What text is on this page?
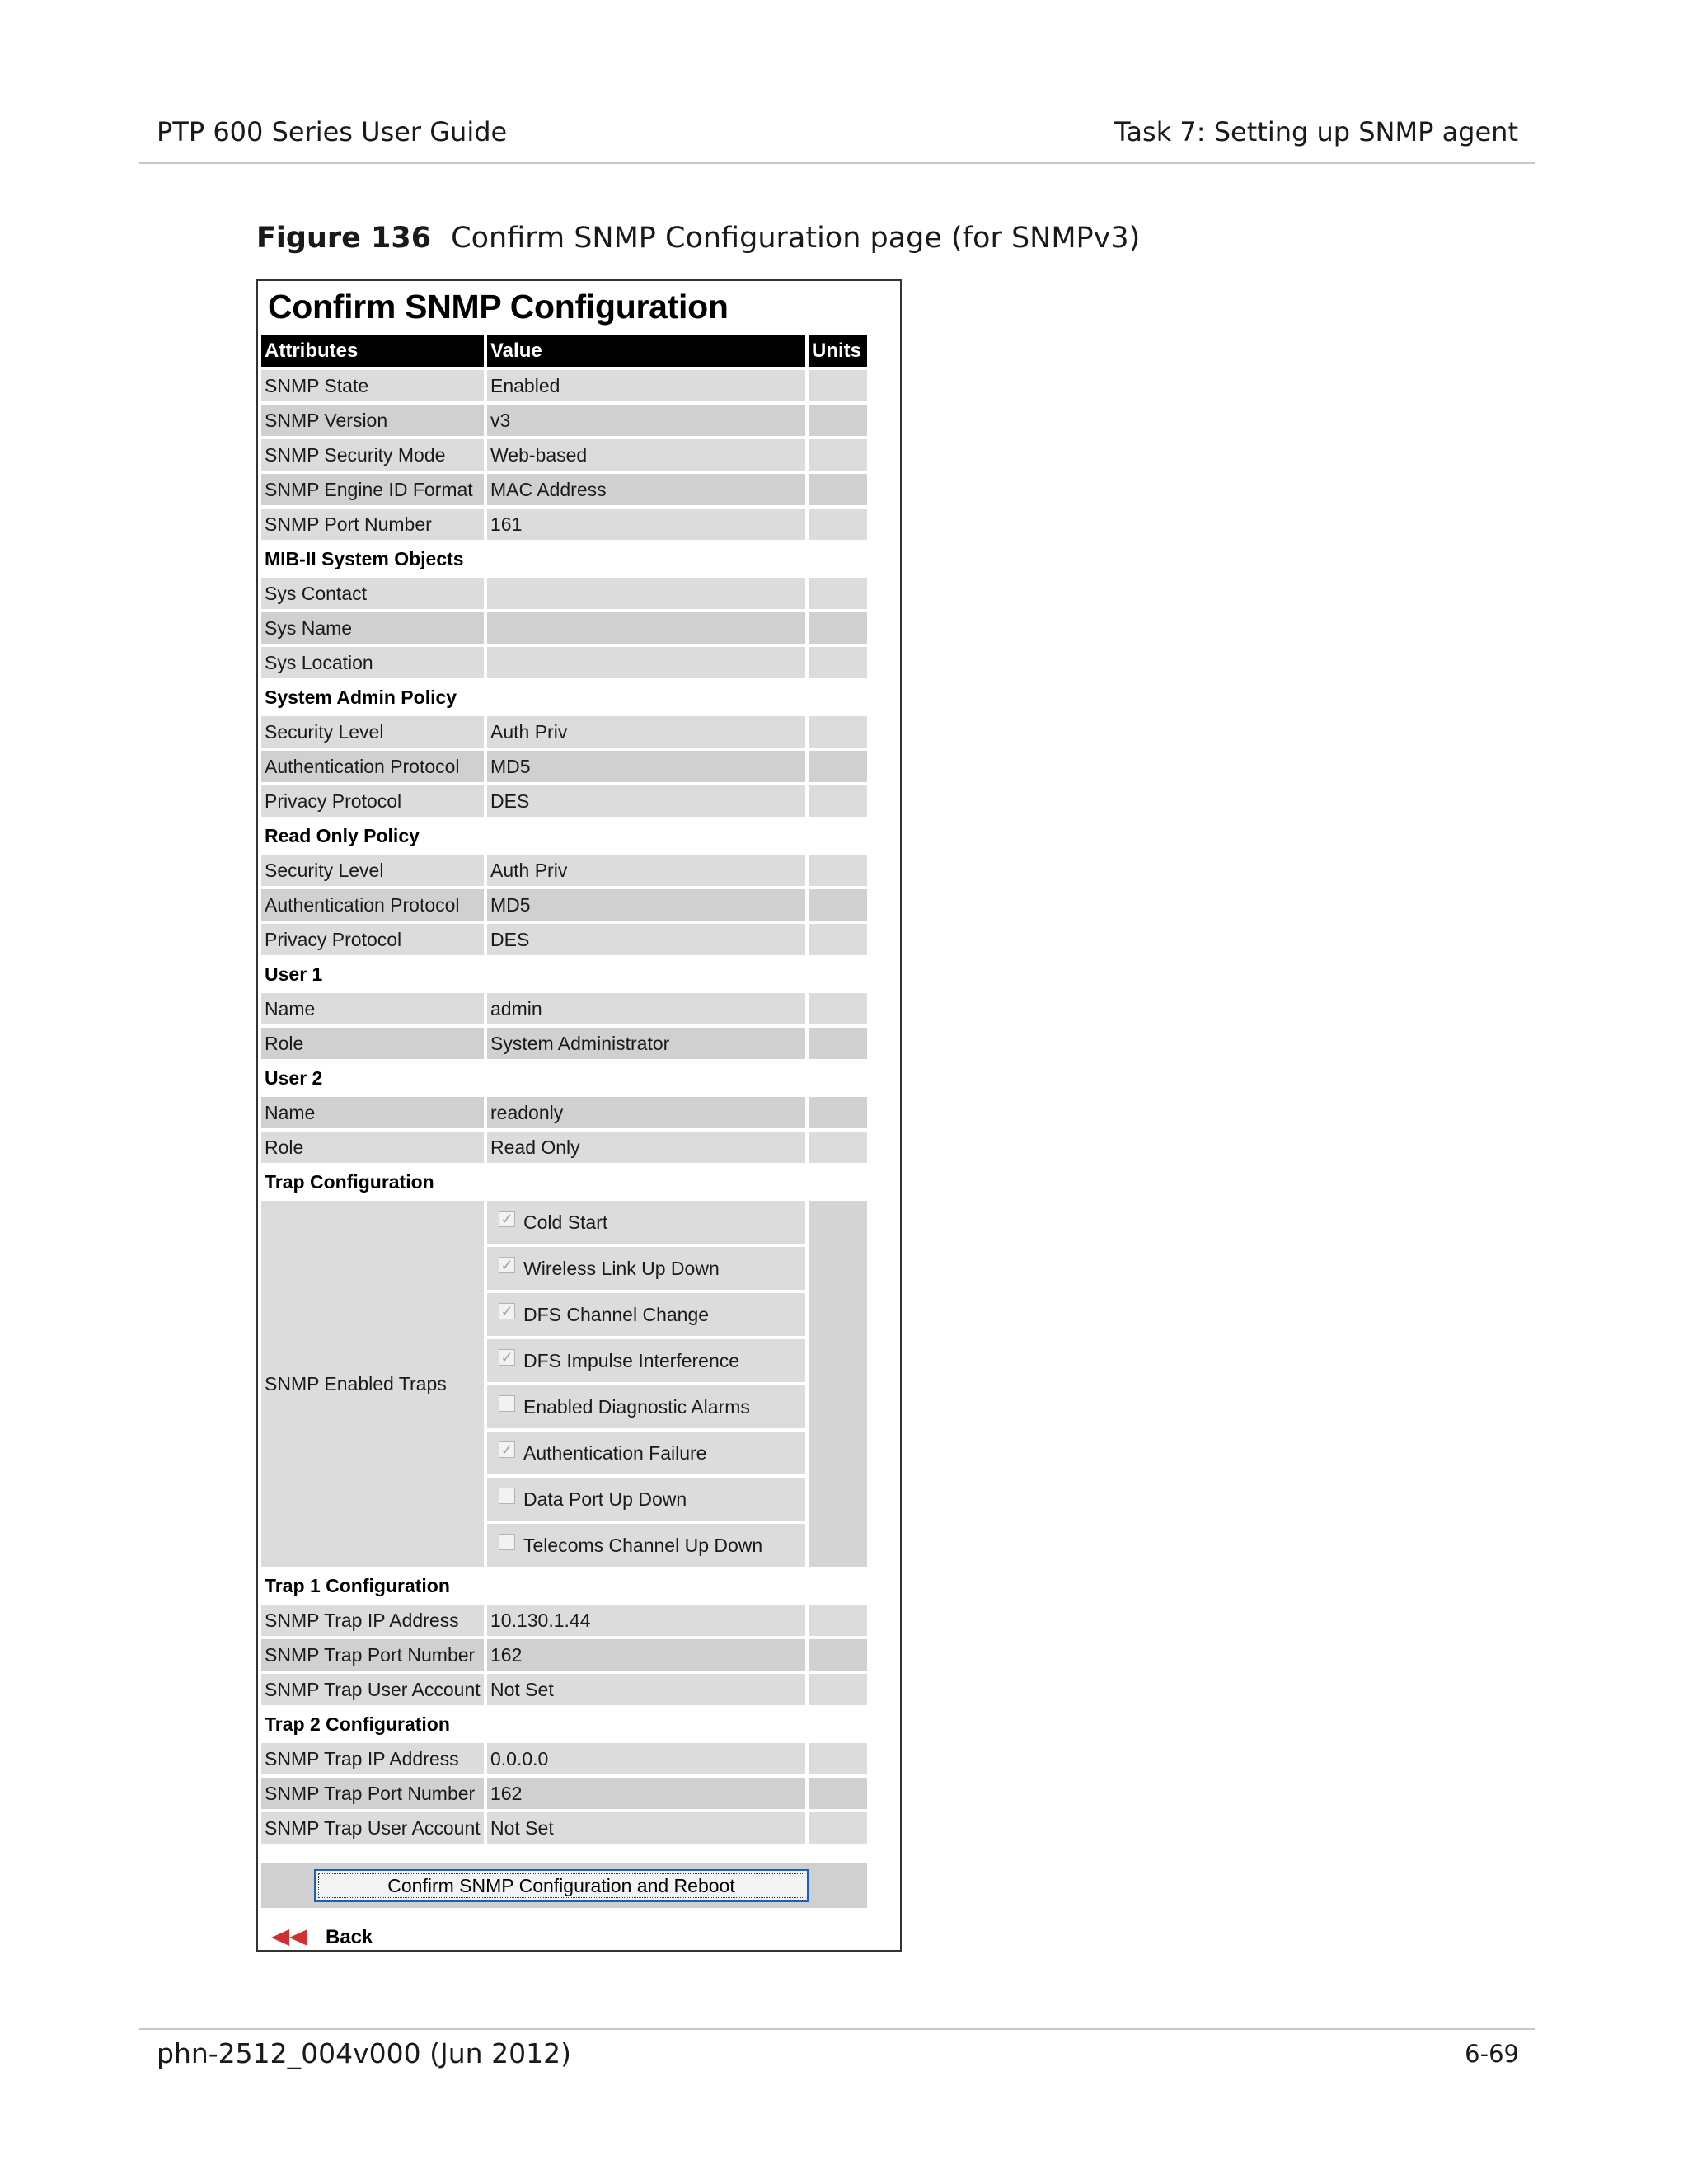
PTP 600 Series User Guide	Task 7: Setting up SNMP agent
Figure 136 Confirm SNMP Configuration page (for SNMPv3)
Confirm SNMP Configuration
Attributes	Value	Units
SNMP State	Enabled
SNMP Version	v3
SNMP Security Mode	Web-based
SNMP Engine ID Format MAC Address
SNMP Port Number	161
MIB-II System Objects
Sys Contact
Sys Name
Sys Location
System Admin Policy
Security Level	Auth Priv
Authentication Protocol	MD5
Privacy Protocol	DES
Read Only Policy
Security Level	Auth Priv
Authentication Protocol	MD5
Privacy Protocol	DES
User 1
Name	admin
Role	System Administrator
User 2
Name	readonly
Role	Read Only
Trap Configuration
SNMP Enabled Traps
✓ Cold Start
✓ Wireless Link Up Down
✓ DFS Channel Change
✓ DFS Impulse Interference
Enabled Diagnostic Alarms
✓ Authentication Failure
Data Port Up Down
Telecoms Channel Up Down
Trap 1 Configuration
SNMP Trap IP Address	10.130.1.44
SNMP Trap Port Number 162
SNMP Trap User Account Not Set
Trap 2 Configuration
SNMP Trap IP Address	0.0.0.0
SNMP Trap Port Number 162
SNMP Trap User Account Not Set
Confirm SNMP Configuration and Reboot
Back
phn-2512_004v000 (Jun 2012)	6-69
